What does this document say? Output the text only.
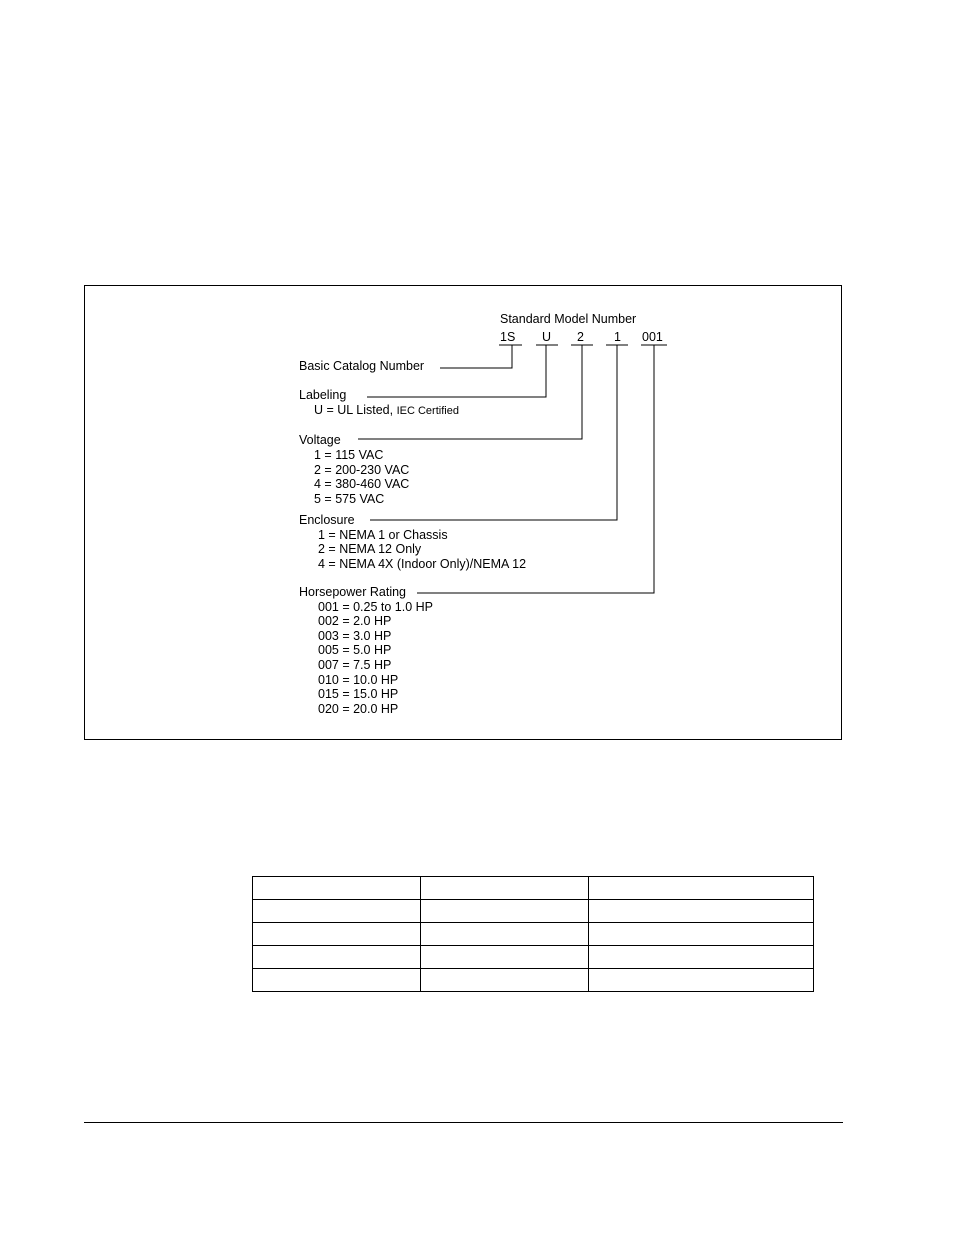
Standard Model Number
1S U 2 1 001
Basic Catalog Number
Labeling
U = UL Listed, IEC Certified
Voltage
1 = 115 VAC
2 = 200-230 VAC
4 = 380-460 VAC
5 = 575 VAC
Enclosure
1 = NEMA 1 or Chassis
2 = NEMA 12 Only
4 = NEMA 4X (Indoor Only)/NEMA 12
Horsepower Rating
001 = 0.25 to 1.0 HP
002 = 2.0 HP
003 = 3.0 HP
005 = 5.0 HP
007 = 7.5 HP
010 = 10.0 HP
015 = 15.0 HP
020 = 20.0 HP
